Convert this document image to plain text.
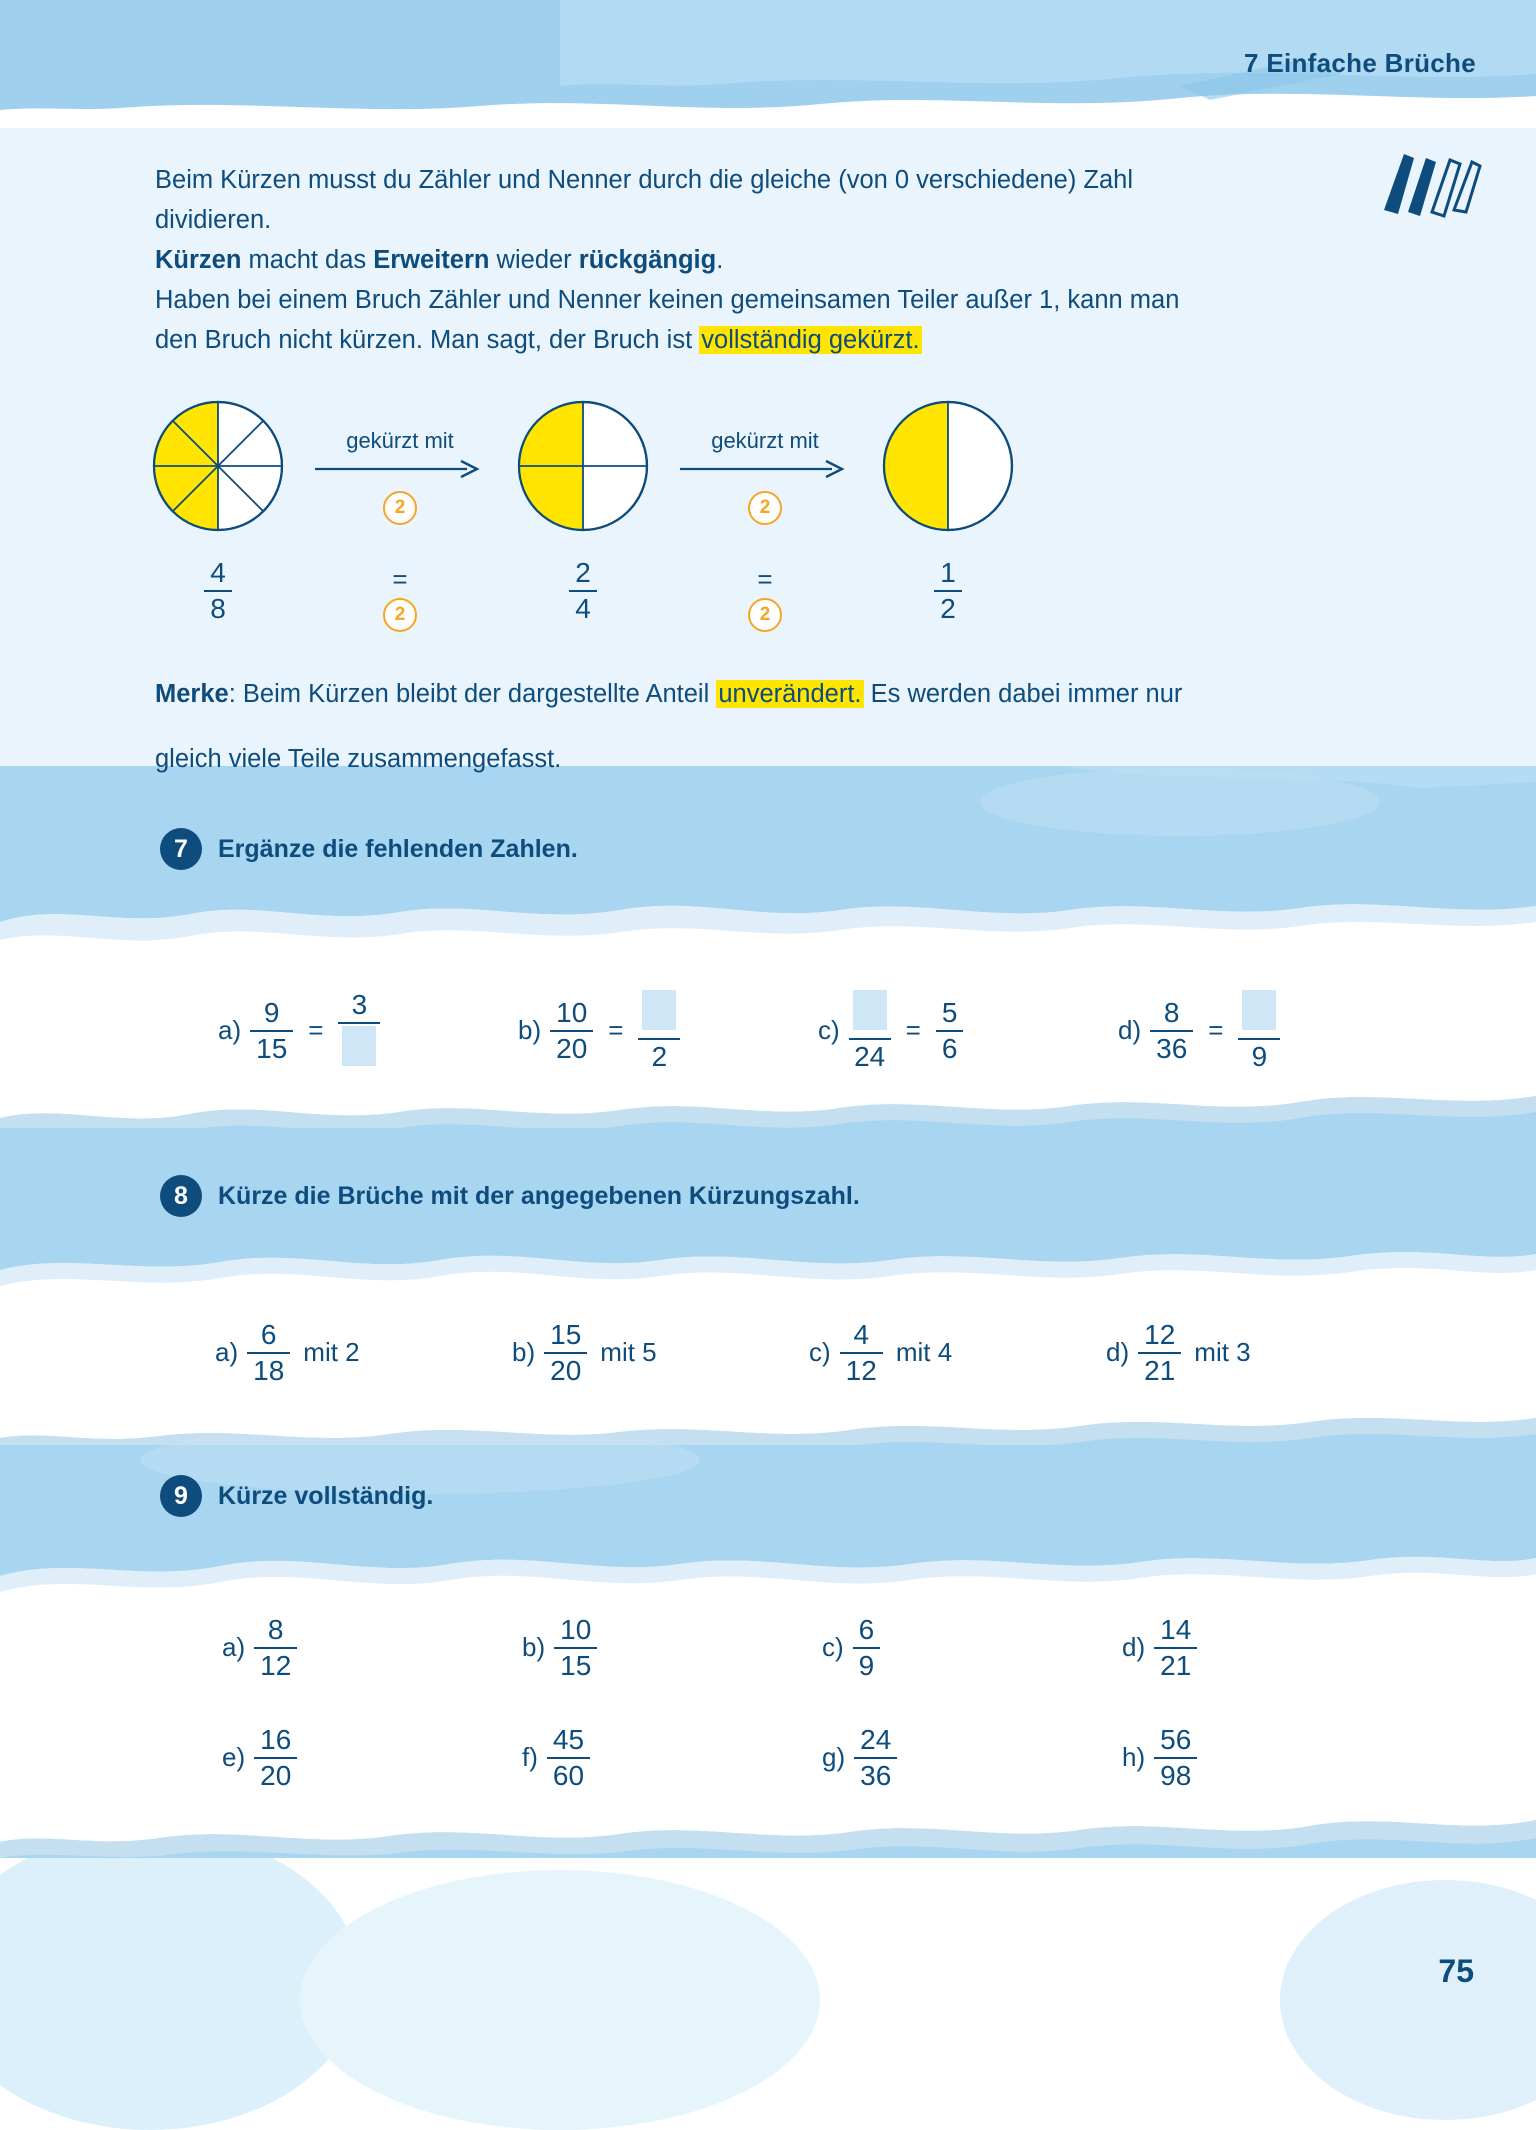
7 Einfache Brüche

Beim Kürzen musst du Zähler und Nenner durch die gleiche (von 0 verschiedene) Zahl

dividieren.

Kürzen macht das Erweitern wieder rückgängig.

Haben bei einem Bruch Zähler und Nenner keinen gemeinsamen Teiler außer 1, kann man

den Bruch nicht kürzen. Man sagt, der Bruch ist vollständig gekürzt.

gekürzt mit
2
gekürzt mit
2
$\frac{4}{8}$	=
2	$\frac{2}{4}$	=
2	$\frac{1}{2}$

Merke: Beim Kürzen bleibt der dargestellte Anteil unverändert. Es werden dabei immer nur

gleich viele Teile zusammengefasst.

7	Ergänze die fehlenden Zahlen.
$a) \frac{9}{15}$ =
3
$b) \frac{10}{20}$ =
2
c)
24
= $\frac{5}{6}$	$d) \frac{8}{36}$ =
9
8	Kürze die Brüche mit der angegebenen Kürzungszahl.
$a) \frac{6}{18}$ mit 2	$b) \frac{15}{20}$ mit 5	$c) \frac{4}{12}$ mit 4	$d) \frac{12}{21}$ mit 3
9	Kürze vollständig.
$a) \frac{8}{12}$	$b) \frac{10}{15}$	$c) \frac{6}{9}$	$d) \frac{14}{21}$
$e) \frac{16}{20}$	$f) \frac{45}{60}$	$g) \frac{24}{36}$	$h) \frac{56}{98}$
75
